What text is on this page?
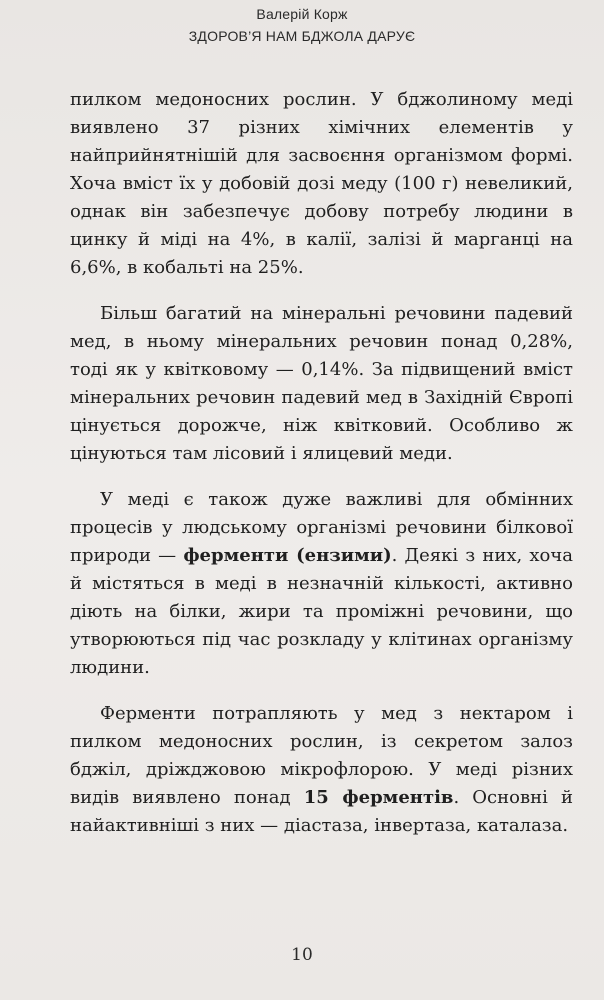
Валерій Корж
ЗДОРОВ’Я НАМ БДЖОЛА ДАРУЄ

пилком медоносних рослин. У бджолиному меді виявлено 37 різних хімічних елементів у найприйнятнішій для засвоєння організмом формі. Хоча вміст їх у добовій дозі меду (100 г) невеликий, однак він забезпечує добову потребу людини в цинку й міді на 4%, в калії, залізі й марганці на 6,6%, в кобальті на 25%.

Більш багатий на мінеральні речовини падевий мед, в ньому мінеральних речовин понад 0,28%, тоді як у квітковому — 0,14%. За підвищений вміст мінеральних речовин падевий мед в Західній Європі цінується дорожче, ніж квітковий. Особливо ж цінуються там лісовий і ялицевий меди.

У меді є також дуже важливі для обмінних процесів у людському організмі речовини білкової природи — ферменти (ензими). Деякі з них, хоча й містяться в меді в незначній кількості, активно діють на білки, жири та проміжні речовини, що утворюються під час розкладу у клітинах організму людини.

Ферменти потрапляють у мед з нектаром і пилком медоносних рослин, із секретом залоз бджіл, дріжджовою мікрофлорою. У меді різних видів виявлено понад 15 ферментів. Основні й найактивніші з них — діастаза, інвертаза, каталаза.

10
